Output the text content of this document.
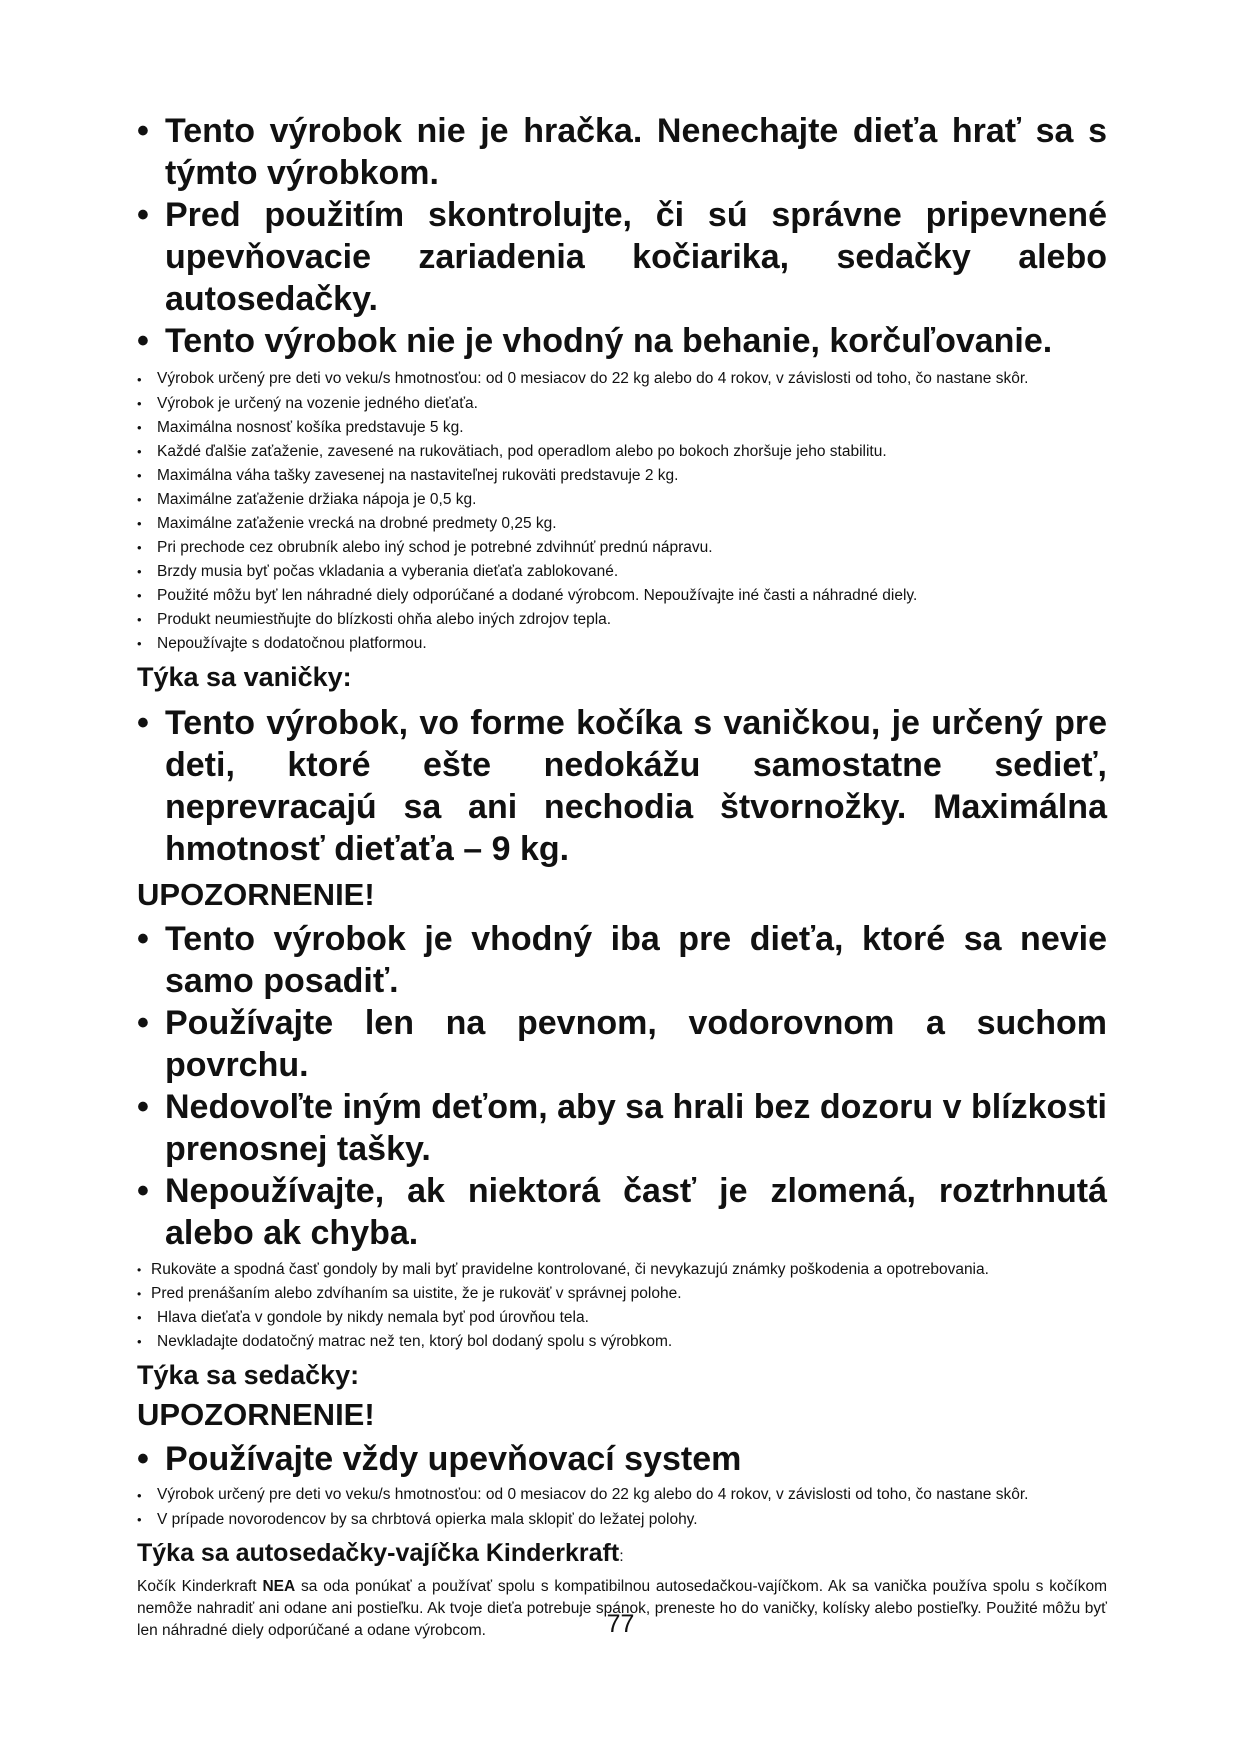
• Tento výrobok nie je hračka. Nenechajte dieťa hrať sa s týmto výrobkom.
• Pred použitím skontrolujte, či sú správne pripevnené upevňovacie zariadenia kočiarika, sedačky alebo autosedačky.
• Tento výrobok nie je vhodný na behanie, korčuľovanie.
• Výrobok určený pre deti vo veku/s hmotnosťou: od 0 mesiacov do 22 kg alebo do 4 rokov, v závislosti od toho, čo nastane skôr.
• Výrobok je určený na vozenie jedného dieťaťa.
• Maximálna nosnosť košíka predstavuje 5 kg.
• Každé ďalšie zaťaženie, zavesené na rukovätiach, pod operadlom alebo po bokoch zhoršuje jeho stabilitu.
• Maximálna váha tašky zavesenej na nastaviteľnej rukoväti predstavuje 2 kg.
• Maximálne zaťaženie držiaka nápoja je 0,5 kg.
• Maximálne zaťaženie vrecká na drobné predmety 0,25 kg.
• Pri prechode cez obrubník alebo iný schod je potrebné zdvihnúť prednú nápravu.
• Brzdy musia byť počas vkladania a vyberania dieťaťa zablokované.
• Použité môžu byť len náhradné diely odporúčané a dodané výrobcom. Nepoužívajte iné časti a náhradné diely.
• Produkt neumiestňujte do blízkosti ohňa alebo iných zdrojov tepla.
• Nepoužívajte s dodatočnou platformou.
Týka sa vaničky:
• Tento výrobok, vo forme kočíka s vaničkou, je určený pre deti, ktoré ešte nedokážu samostatne sedieť, neprevracajú sa ani nechodia štvornožky. Maximálna hmotnosť dieťaťa – 9 kg.
UPOZORNENIE!
• Tento výrobok je vhodný iba pre dieťa, ktoré sa nevie samo posadiť.
• Používajte len na pevnom, vodorovnom a suchom povrchu.
• Nedovoľte iným deťom, aby sa hrali bez dozoru v blízkosti prenosnej tašky.
• Nepoužívajte, ak niektorá časť je zlomená, roztrhnutá alebo ak chyba.
• Rukoväte a spodná časť gondoly by mali byť pravidelne kontrolované, či nevykazujú známky poškodenia a opotrebovania.
• Pred prenášaním alebo zdvíhaním sa uistite, že je rukoväť v správnej polohe.
• Hlava dieťaťa v gondole by nikdy nemala byť pod úrovňou tela.
• Nevkladajte dodatočný matrac než ten, ktorý bol dodaný spolu s výrobkom.
Týka sa sedačky:
UPOZORNENIE!
• Používajte vždy upevňovací system
• Výrobok určený pre deti vo veku/s hmotnosťou: od 0 mesiacov do 22 kg alebo do 4 rokov, v závislosti od toho, čo nastane skôr.
• V prípade novorodencov by sa chrbtová opierka mala sklopiť do ležatej polohy.
Týka sa autosedačky-vajíčka Kinderkraft:
Kočík Kinderkraft NEA sa oda ponúkať a používať spolu s kompatibilnou autosedačkou-vajíčkom. Ak sa vanička používa spolu s kočíkom nemôže nahradiť ani odane ani postieľku. Ak tvoje dieťa potrebuje spánok, preneste ho do vaničky, kolísky alebo postieľky. Použité môžu byť len náhradné diely odporúčané a odane výrobcom.	77
